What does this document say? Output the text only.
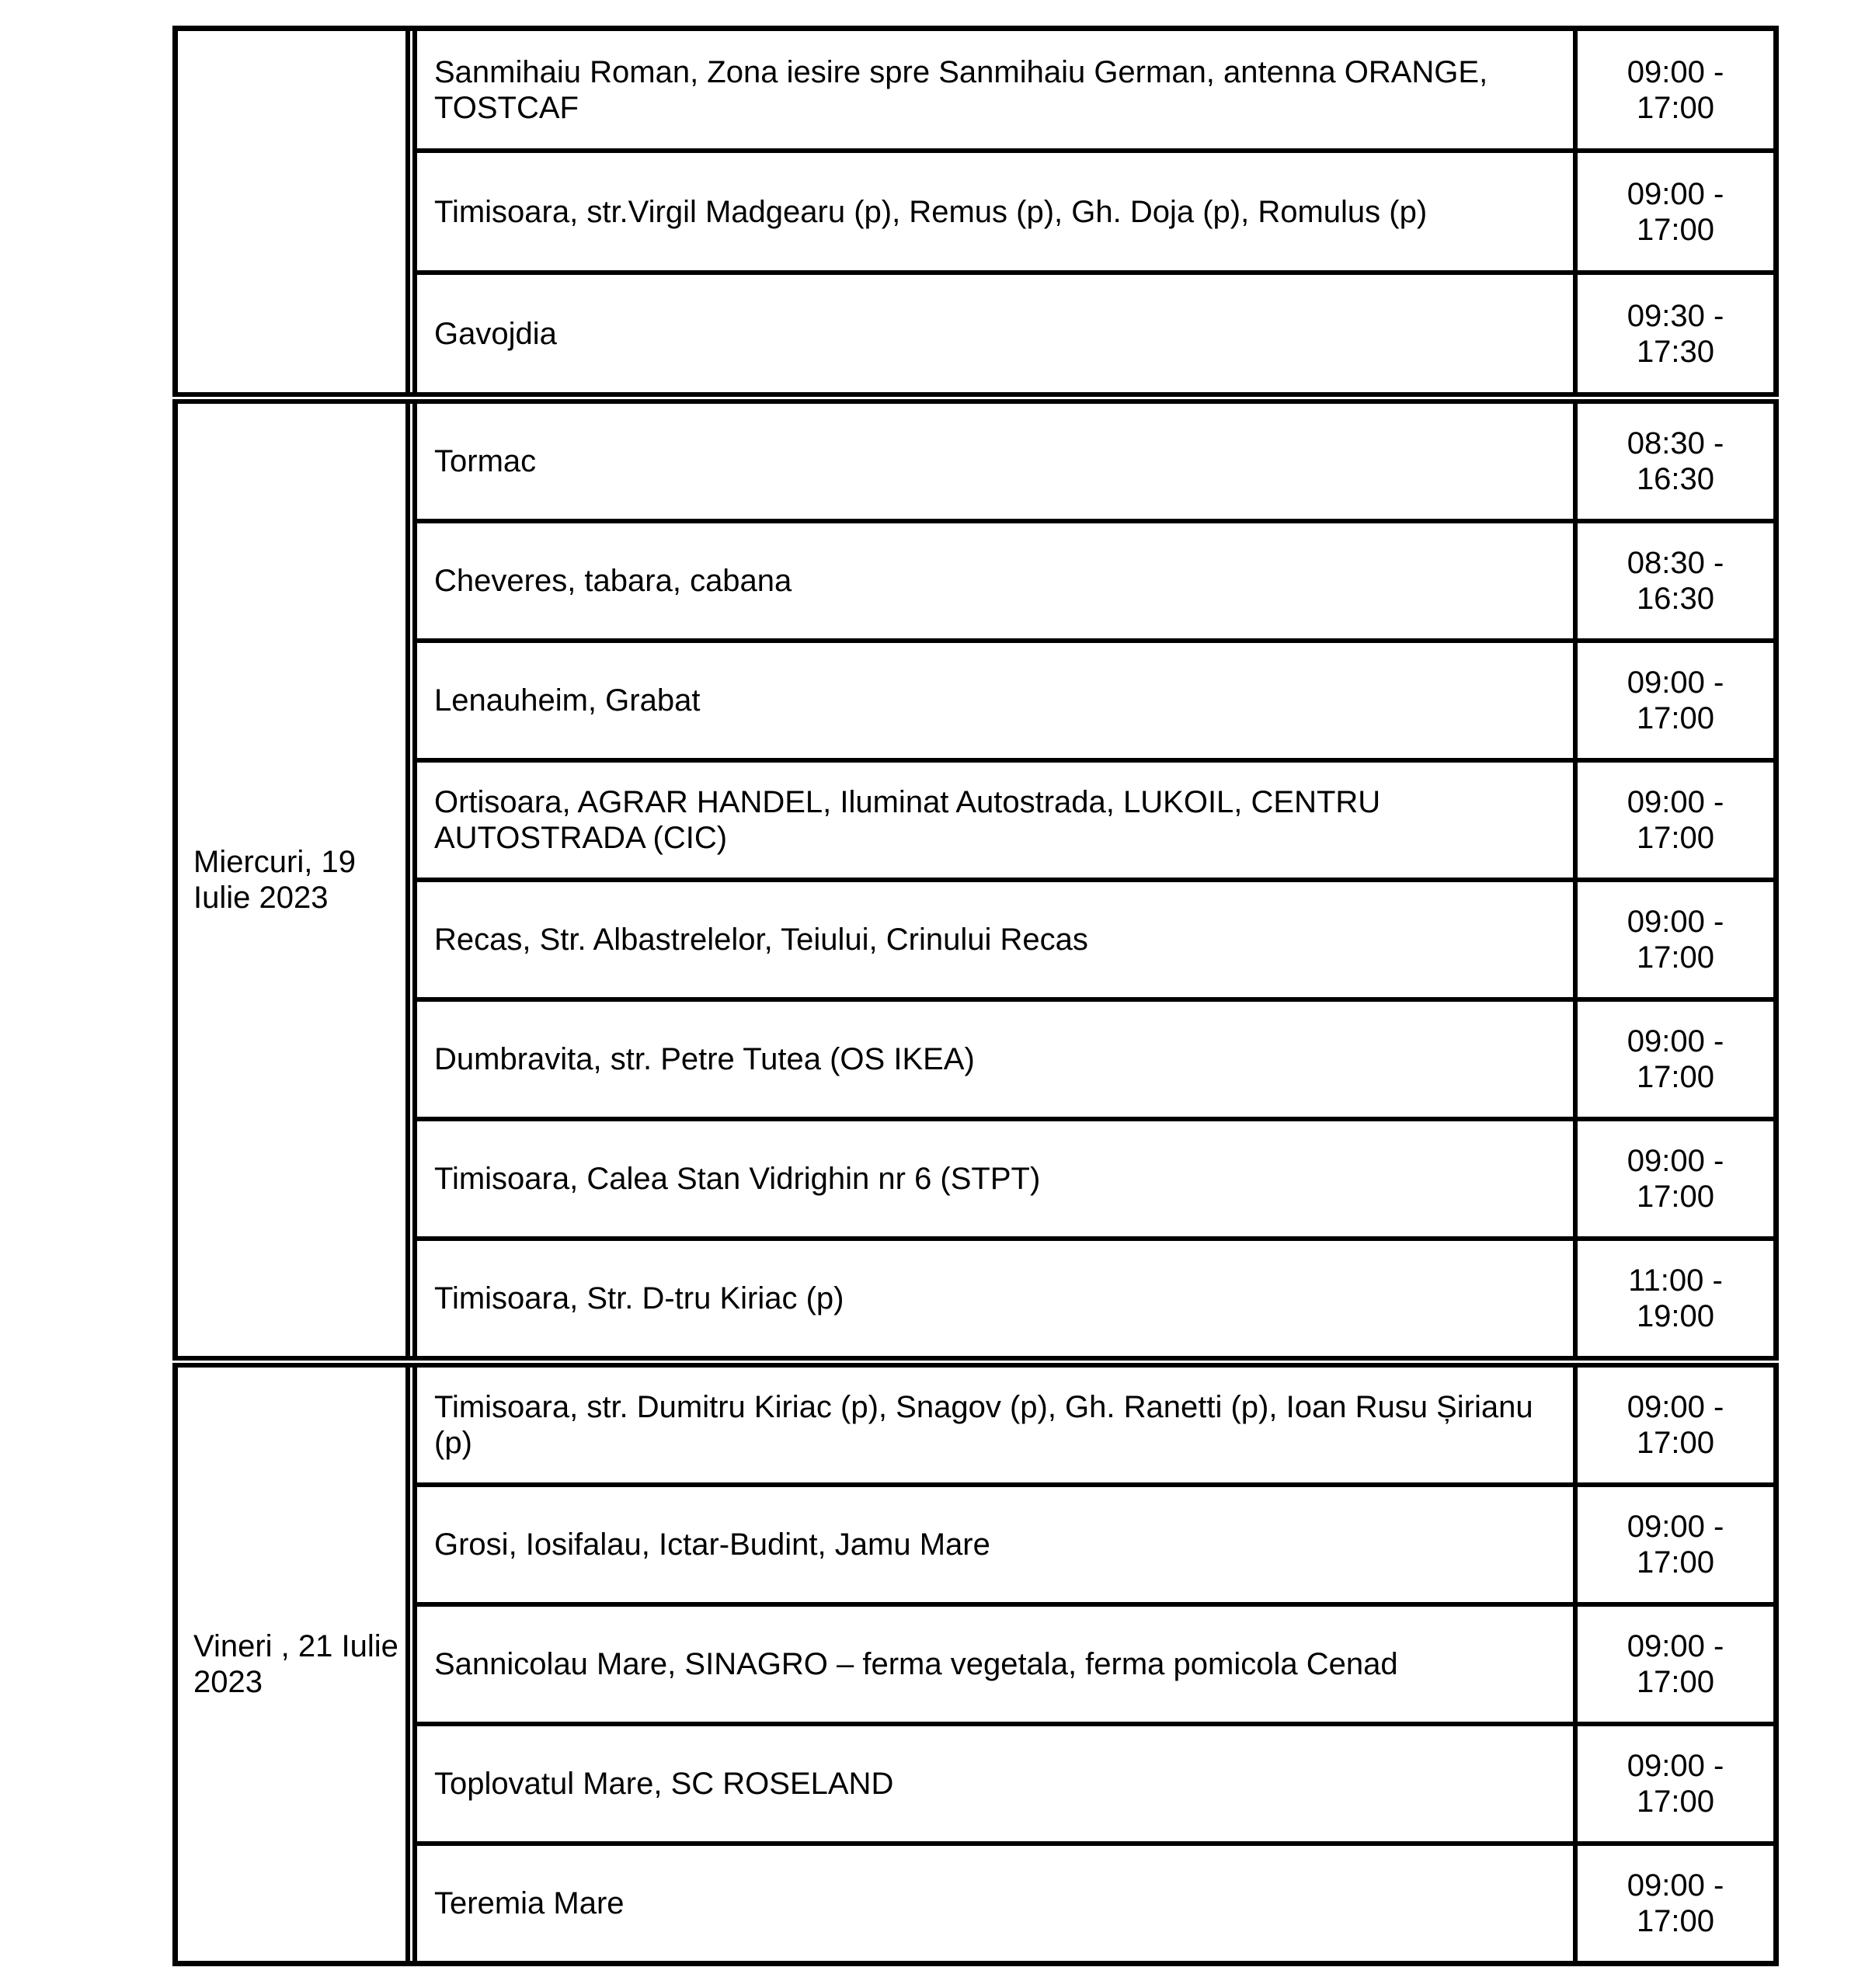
Sanmihaiu Roman, Zona iesire spre Sanmihaiu German, antenna ORANGE, TOSTCAF
09:00 - 17:00
Timisoara, str.Virgil Madgearu (p), Remus (p), Gh. Doja (p), Romulus (p)
09:00 - 17:00
Gavojdia
09:30 - 17:30
Miercuri, 19 Iulie 2023
Tormac
08:30 - 16:30
Cheveres, tabara, cabana
08:30 - 16:30
Lenauheim, Grabat
09:00 - 17:00
Ortisoara, AGRAR HANDEL, Iluminat Autostrada, LUKOIL, CENTRU AUTOSTRADA (CIC)
09:00 - 17:00
Recas, Str. Albastrelelor, Teiului, Crinului Recas
09:00 - 17:00
Dumbravita, str. Petre Tutea (OS IKEA)
09:00 - 17:00
Timisoara, Calea Stan Vidrighin nr 6 (STPT)
09:00 - 17:00
Timisoara, Str. D-tru Kiriac (p)
11:00 - 19:00
Vineri , 21 Iulie 2023
Timisoara, str. Dumitru Kiriac (p), Snagov (p), Gh. Ranetti (p), Ioan Rusu Șirianu (p)
09:00 - 17:00
Grosi, Iosifalau, Ictar-Budint, Jamu Mare
09:00 - 17:00
Sannicolau Mare, SINAGRO – ferma vegetala, ferma pomicola Cenad
09:00 - 17:00
Toplovatul Mare, SC ROSELAND
09:00 - 17:00
Teremia Mare
09:00 - 17:00
